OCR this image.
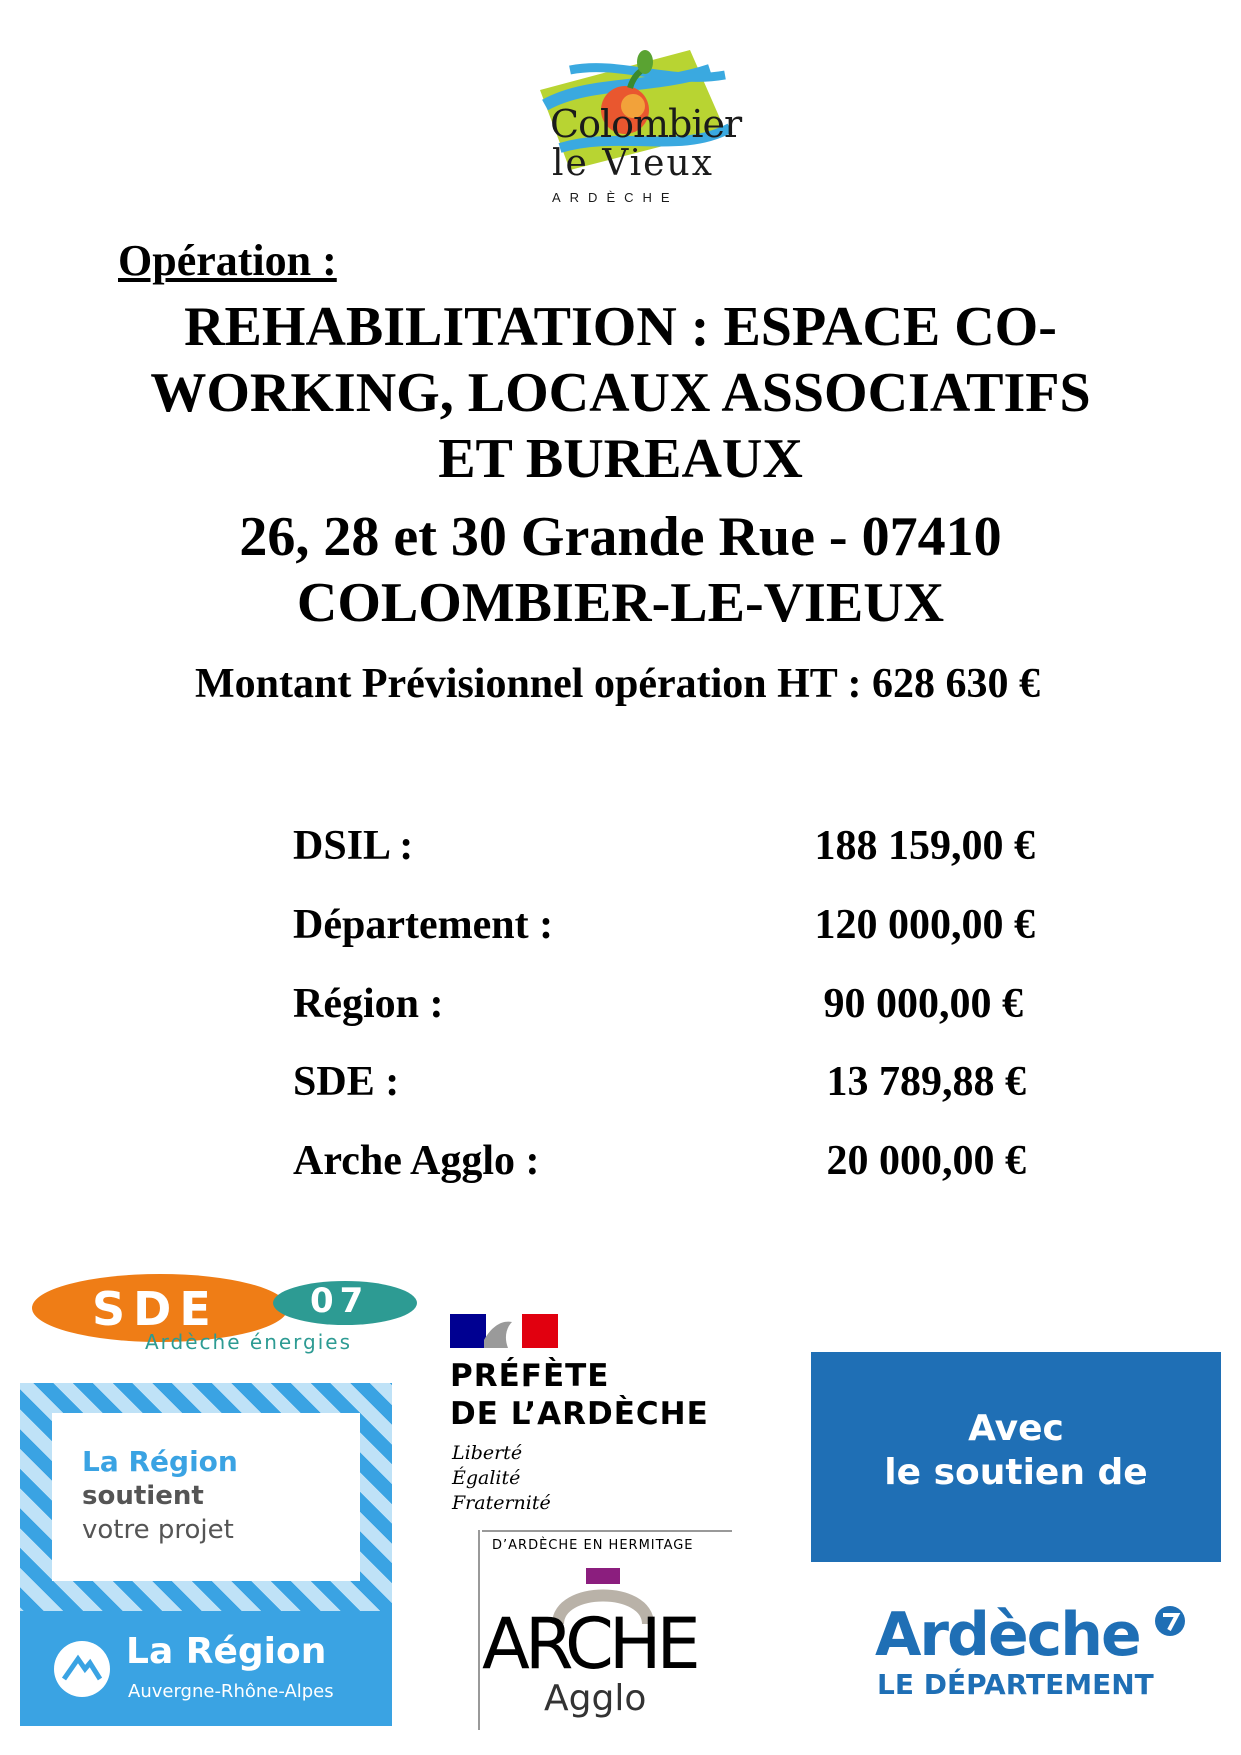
Colombier
le Vieux
ARDÈCHE
Opération :
REHABILITATION : ESPACE CO-
WORKING, LOCAUX ASSOCIATIFS
ET BUREAUX
26, 28 et 30 Grande Rue - 07410
COLOMBIER-LE-VIEUX
Montant Prévisionnel opération HT : 628 630 €
DSIL :	188 159,00 €
Département :	120 000,00 €
Région :	90 000,00 €
SDE :	13 789,88 €
Arche Agglo :	20 000,00 €
SDE	07
Ardèche énergies
La Région
soutient
votre projet
La Région
Auvergne-Rhône-Alpes
PRÉFÈTE
DE L’ARDÈCHE
Liberté
Égalité
Fraternité
D’ARDÈCHE EN HERMITAGE
ARCHE
Agglo
Avec
le soutien de
Ardèche
LE DÉPARTEMENT
